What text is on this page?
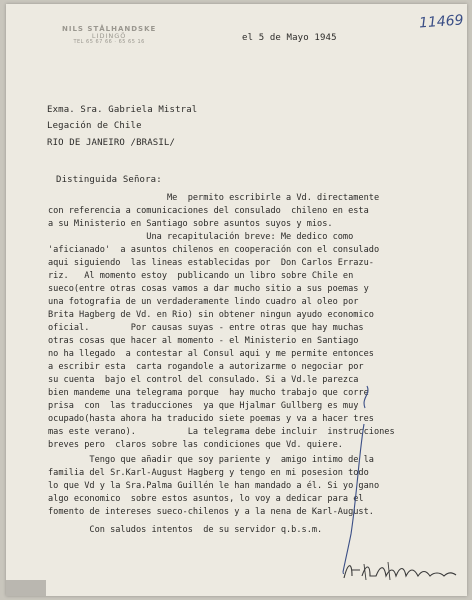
NILS STÅLHANDSKE
LIDINGÖ
TEL 65 67 66 · 65 65 16
11469
el 5 de Mayo 1945
Exma. Sra. Gabriela Mistral
Legación de Chile
RIO DE JANEIRO /BRASIL/
Distinguida Señora:
Me  permito escribirle a Vd. directamente
con referencia a comunicaciones del consulado  chileno en esta
a su Ministerio en Santiago sobre asuntos suyos y mios.
Una recapitulación breve: Me dedico como
'aficianado'  a asuntos chilenos en cooperación con el consulado
aqui siguiendo  las lineas establecidas por  Don Carlos Errazu-
riz.   Al momento estoy  publicando un libro sobre Chile en
sueco(entre otras cosas vamos a dar mucho sitio a sus poemas y
una fotografia de un verdaderamente lindo cuadro al oleo por
Brita Hagberg de Vd. en Rio) sin obtener ningun ayudo economico
oficial.        Por causas suyas - entre otras que hay muchas
otras cosas que hacer al momento - el Ministerio en Santiago
no ha llegado  a contestar al Consul aqui y me permite entonces
a escribir esta  carta rogandole a autorizarme o negociar por
su cuenta  bajo el control del consulado. Si a Vd.le parezca
bien mandeme una telegrama porque  hay mucho trabajo que corre
prisa  con  las traducciones  ya que Hjalmar Gullberg es muy
ocupado(hasta ahora ha traducido siete poemas y va a hacer tres
mas este verano).          La telegrama debe incluir  instrucciones
breves pero  claros sobre las condiciones que Vd. quiere.
Tengo que añadir que soy pariente y  amigo intimo de la
familia del Sr.Karl-August Hagberg y tengo en mi posesion todo
lo que Vd y la Sra.Palma Guillén le han mandado a él. Si yo gano
algo economico  sobre estos asuntos, lo voy a dedicar para el
fomento de intereses sueco-chilenos y a la nena de Karl-August.
Con saludos intentos  de su servidor q.b.s.m.
